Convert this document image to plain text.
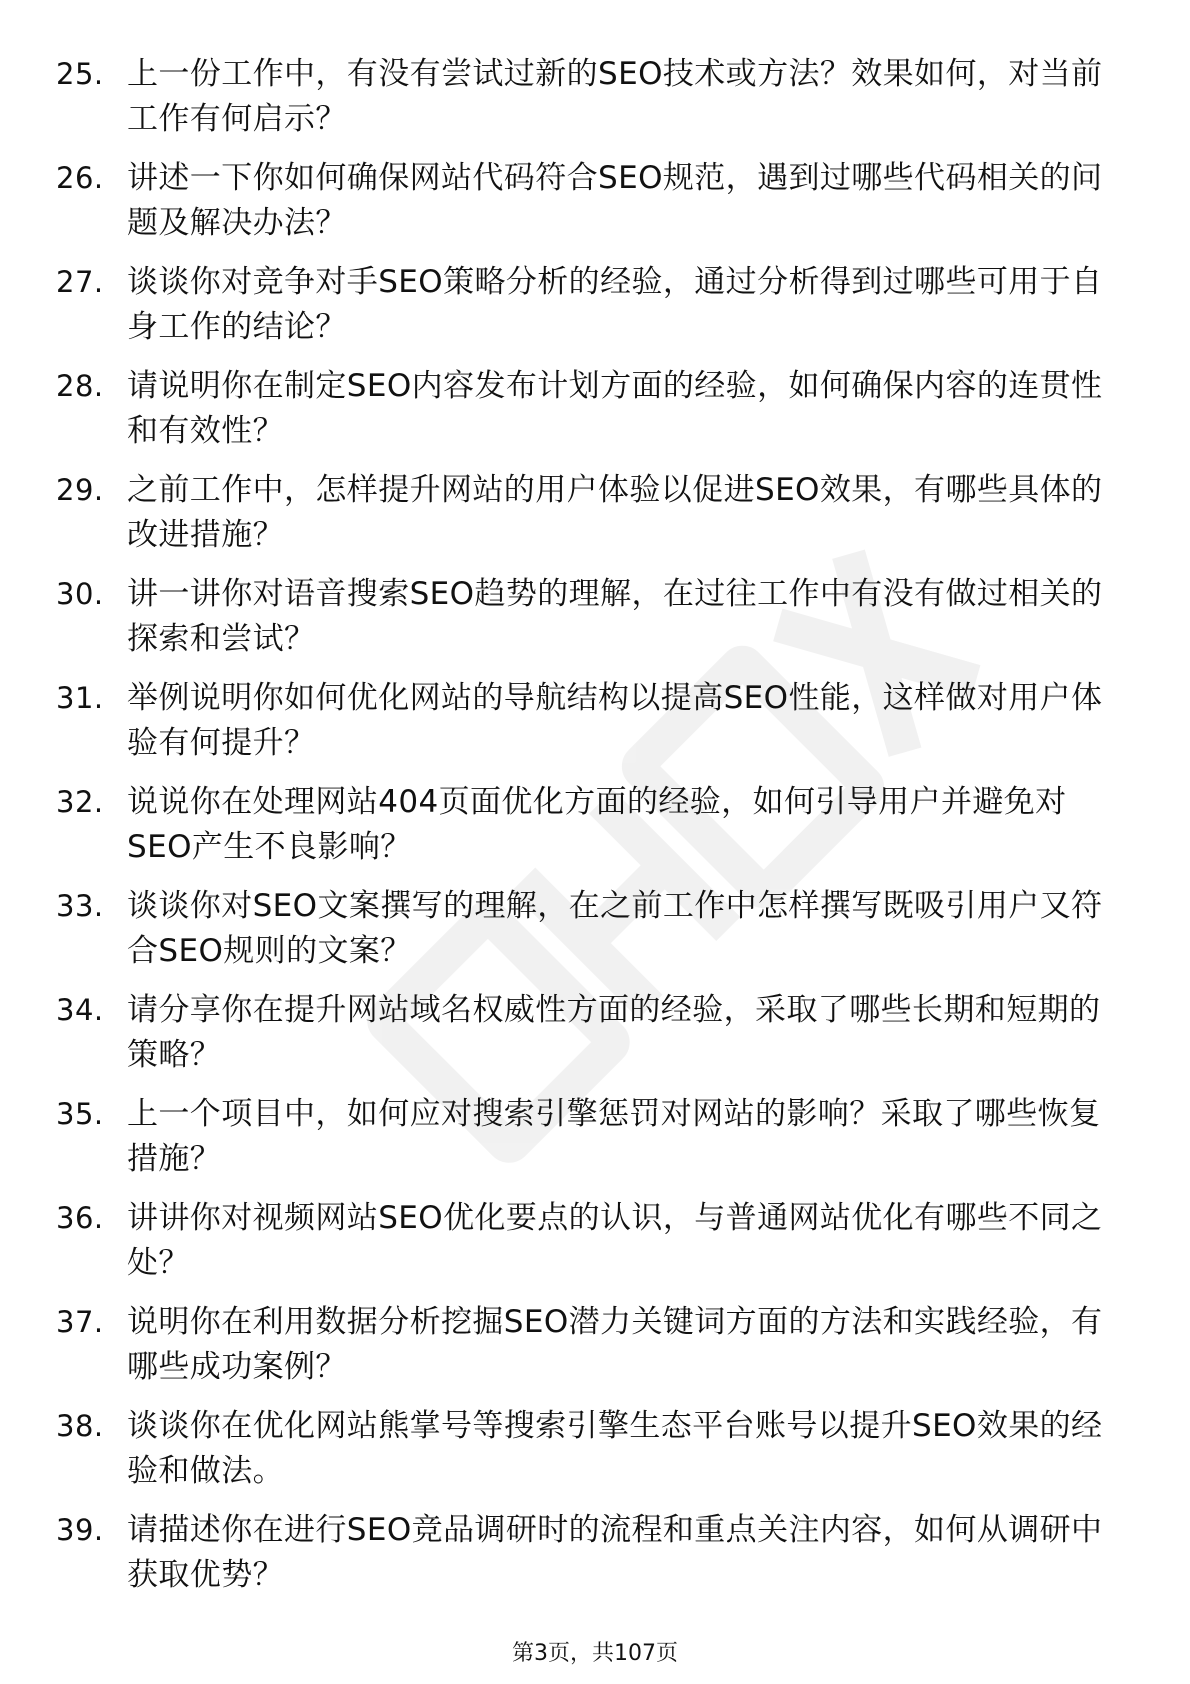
25. 上一份工作中，有没有尝试过新的SEO技术或方法？效果如何，对当前工作有何启示？
26. 讲述一下你如何确保网站代码符合SEO规范，遇到过哪些代码相关的问题及解决办法？
27. 谈谈你对竞争对手SEO策略分析的经验，通过分析得到过哪些可用于自身工作的结论？
28. 请说明你在制定SEO内容发布计划方面的经验，如何确保内容的连贯性和有效性？
29. 之前工作中，怎样提升网站的用户体验以促进SEO效果，有哪些具体的改进措施？
30. 讲一讲你对语音搜索SEO趋势的理解，在过往工作中有没有做过相关的探索和尝试？
31. 举例说明你如何优化网站的导航结构以提高SEO性能，这样做对用户体验有何提升？
32. 说说你在处理网站404页面优化方面的经验，如何引导用户并避免对SEO产生不良影响？
33. 谈谈你对SEO文案撰写的理解，在之前工作中怎样撰写既吸引用户又符合SEO规则的文案？
34. 请分享你在提升网站域名权威性方面的经验，采取了哪些长期和短期的策略？
35. 上一个项目中，如何应对搜索引擎惩罚对网站的影响？采取了哪些恢复措施？
36. 讲讲你对视频网站SEO优化要点的认识，与普通网站优化有哪些不同之处？
37. 说明你在利用数据分析挖掘SEO潜力关键词方面的方法和实践经验，有哪些成功案例？
38. 谈谈你在优化网站熊掌号等搜索引擎生态平台账号以提升SEO效果的经验和做法。
39. 请描述你在进行SEO竞品调研时的流程和重点关注内容，如何从调研中获取优势？
第3页，共107页
